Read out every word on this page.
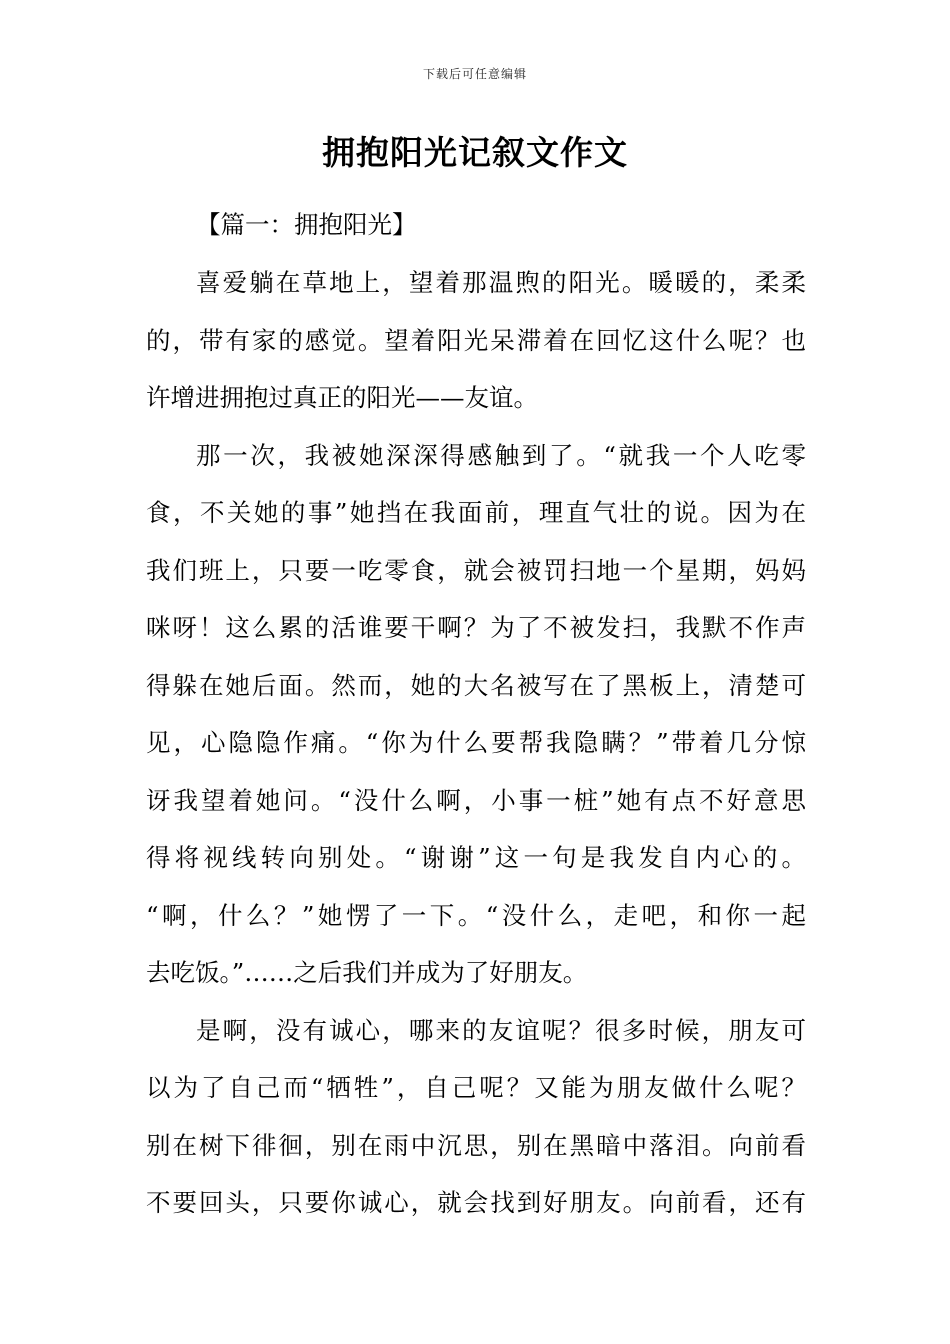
下载后可任意编辑
拥抱阳光记叙文作文

【篇一：拥抱阳光】

喜爱躺在草地上，望着那温煦的阳光。暖暖的，柔柔

的，带有家的感觉。望着阳光呆滞着在回忆这什么呢？也

许增进拥抱过真正的阳光——友谊。

那一次，我被她深深得感触到了。“就我一个人吃零

食，不关她的事”她挡在我面前，理直气壮的说。因为在

我们班上，只要一吃零食，就会被罚扫地一个星期，妈妈

咪呀！这么累的活谁要干啊？为了不被发扫，我默不作声

得躲在她后面。然而，她的大名被写在了黑板上，清楚可

见，心隐隐作痛。“你为什么要帮我隐瞒？”带着几分惊

讶我望着她问。“没什么啊，小事一桩”她有点不好意思

得将视线转向别处。“谢谢”这一句是我发自内心的。

“啊，什么？”她愣了一下。“没什么，走吧，和你一起

去吃饭。”……之后我们并成为了好朋友。

是啊，没有诚心，哪来的友谊呢？很多时候，朋友可

以为了自己而“牺牲”，自己呢？又能为朋友做什么呢？

别在树下徘徊，别在雨中沉思，别在黑暗中落泪。向前看

不要回头，只要你诚心，就会找到好朋友。向前看，还有
